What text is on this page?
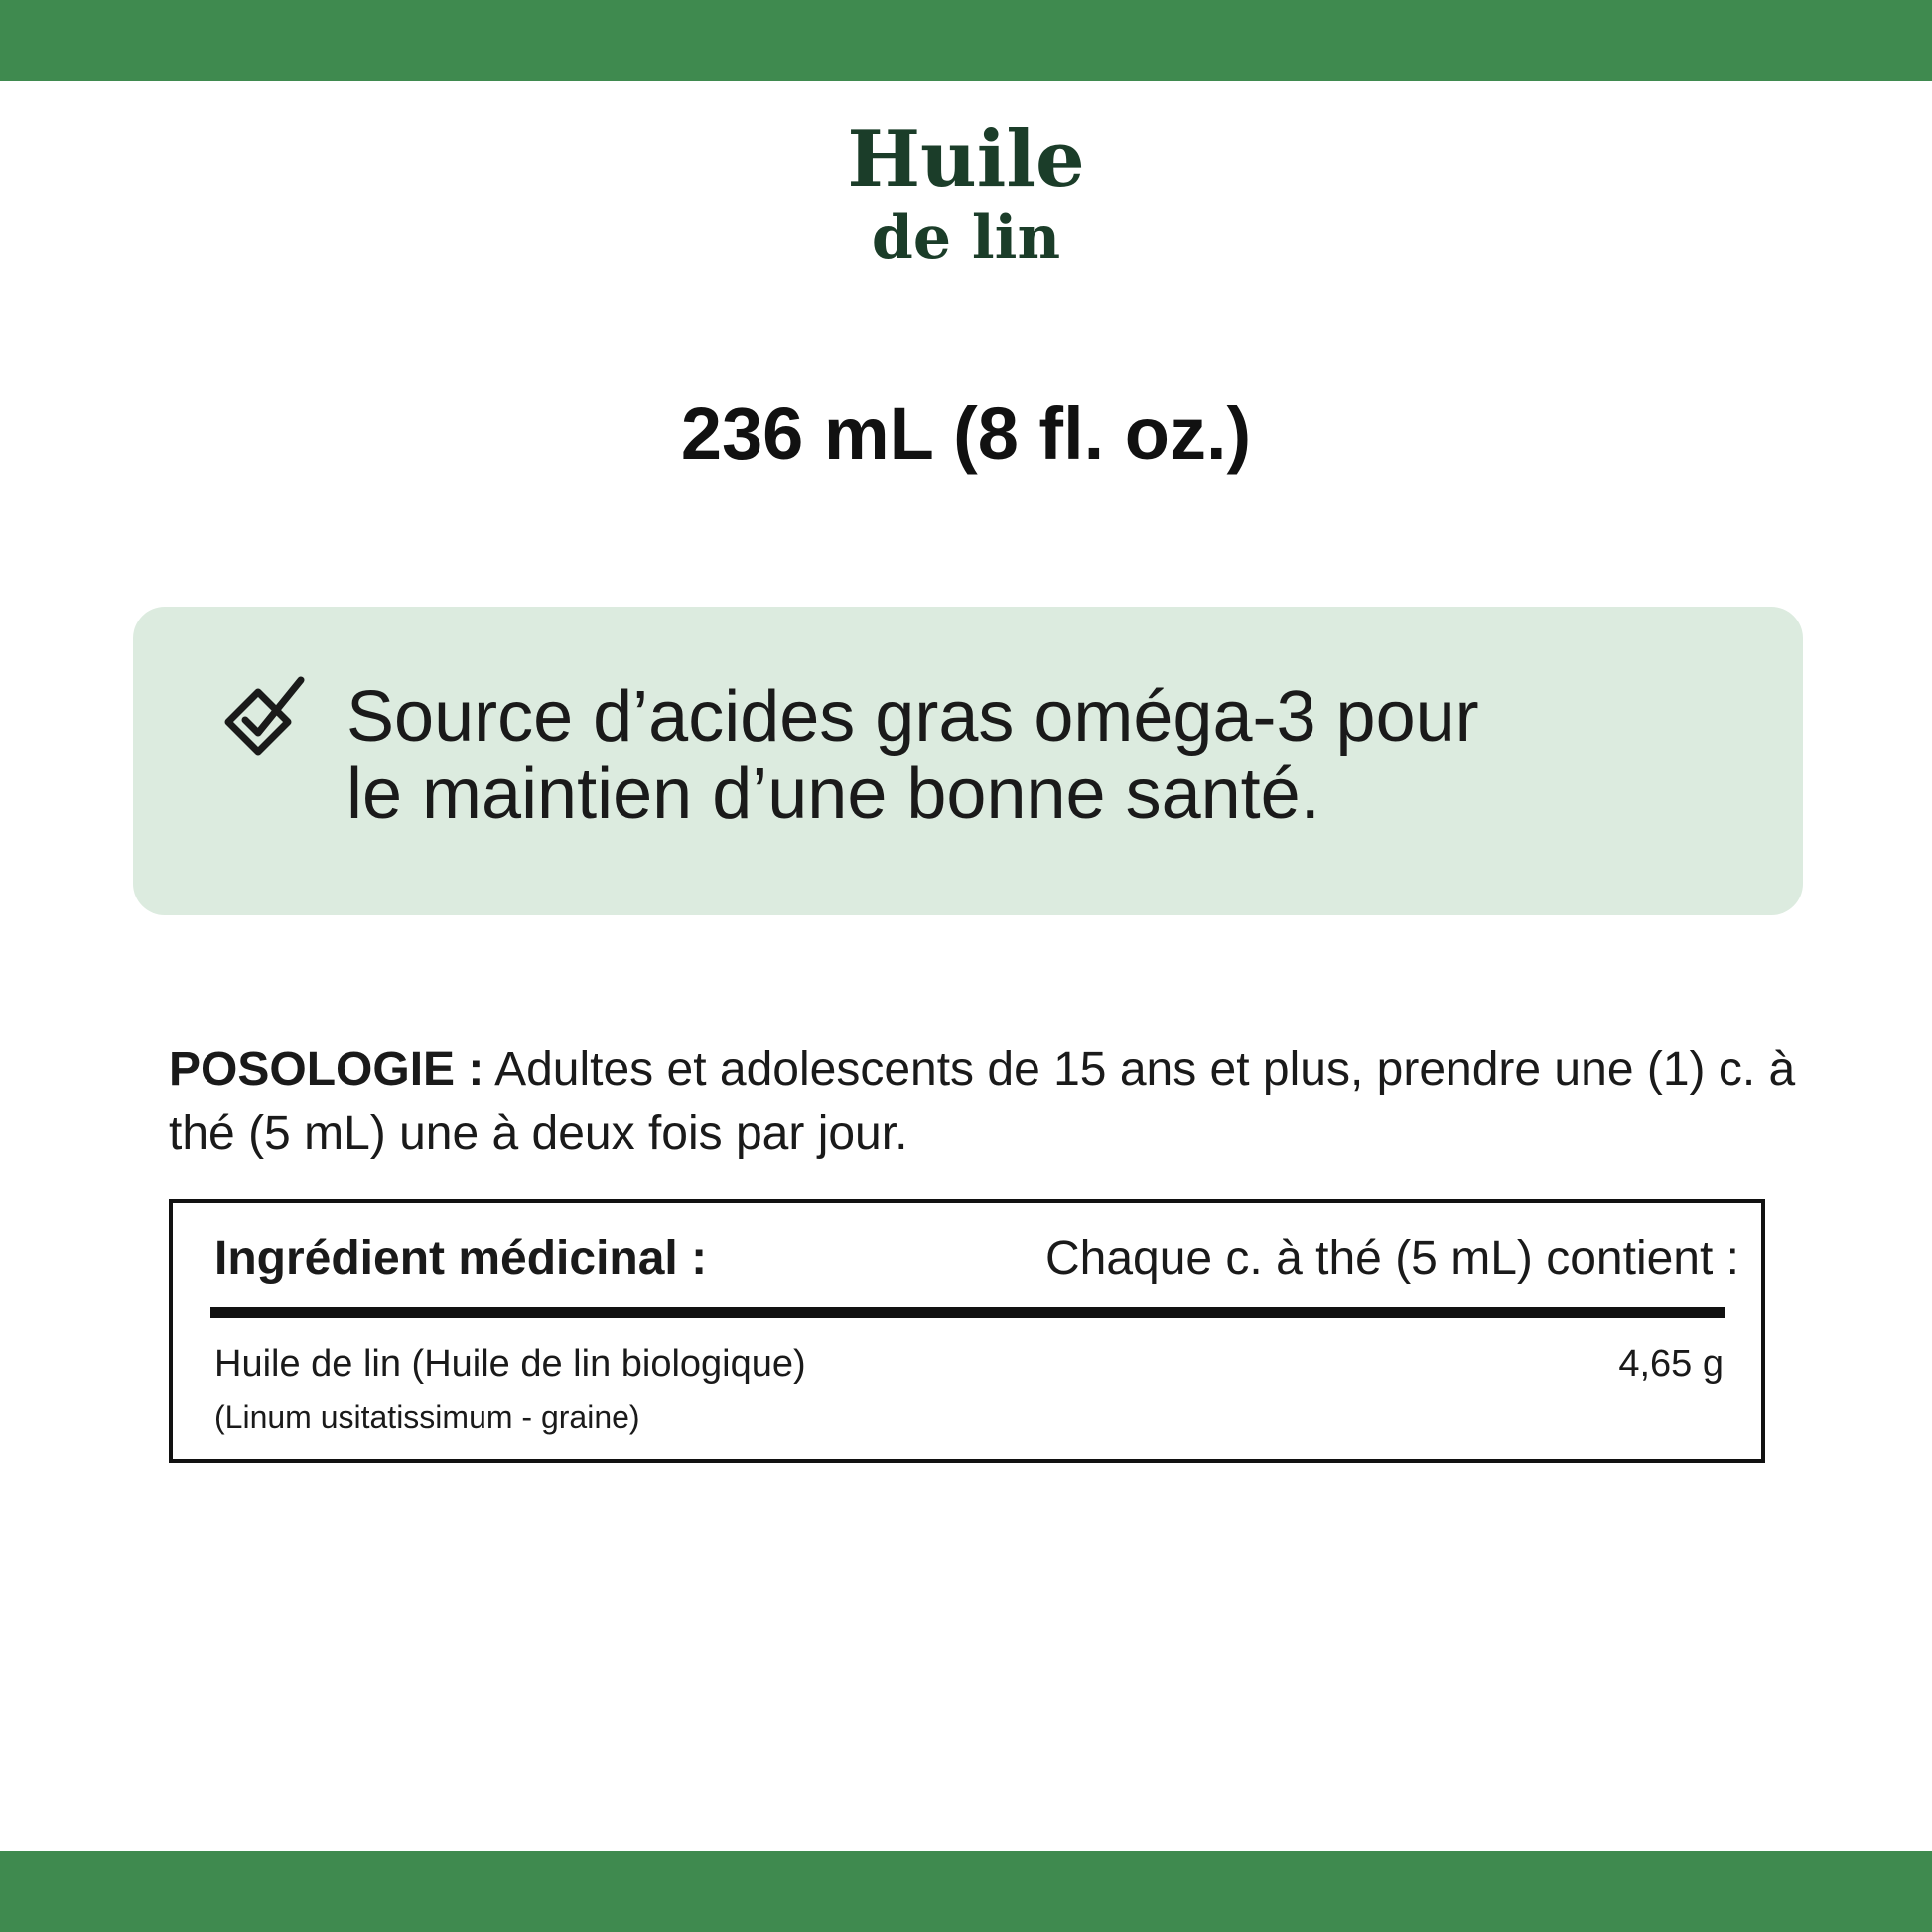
Huile
de lin
236 mL (8 fl. oz.)
Source d’acides gras oméga-3 pour
le maintien d’une bonne santé.
POSOLOGIE : Adultes et adolescents de 15 ans et plus, prendre une (1) c. à thé (5 mL) une à deux fois par jour.
Ingrédient médicinal :	Chaque c. à thé (5 mL) contient :
Huile de lin (Huile de lin biologique)
(Linum usitatissimum - graine)
4,65 g
